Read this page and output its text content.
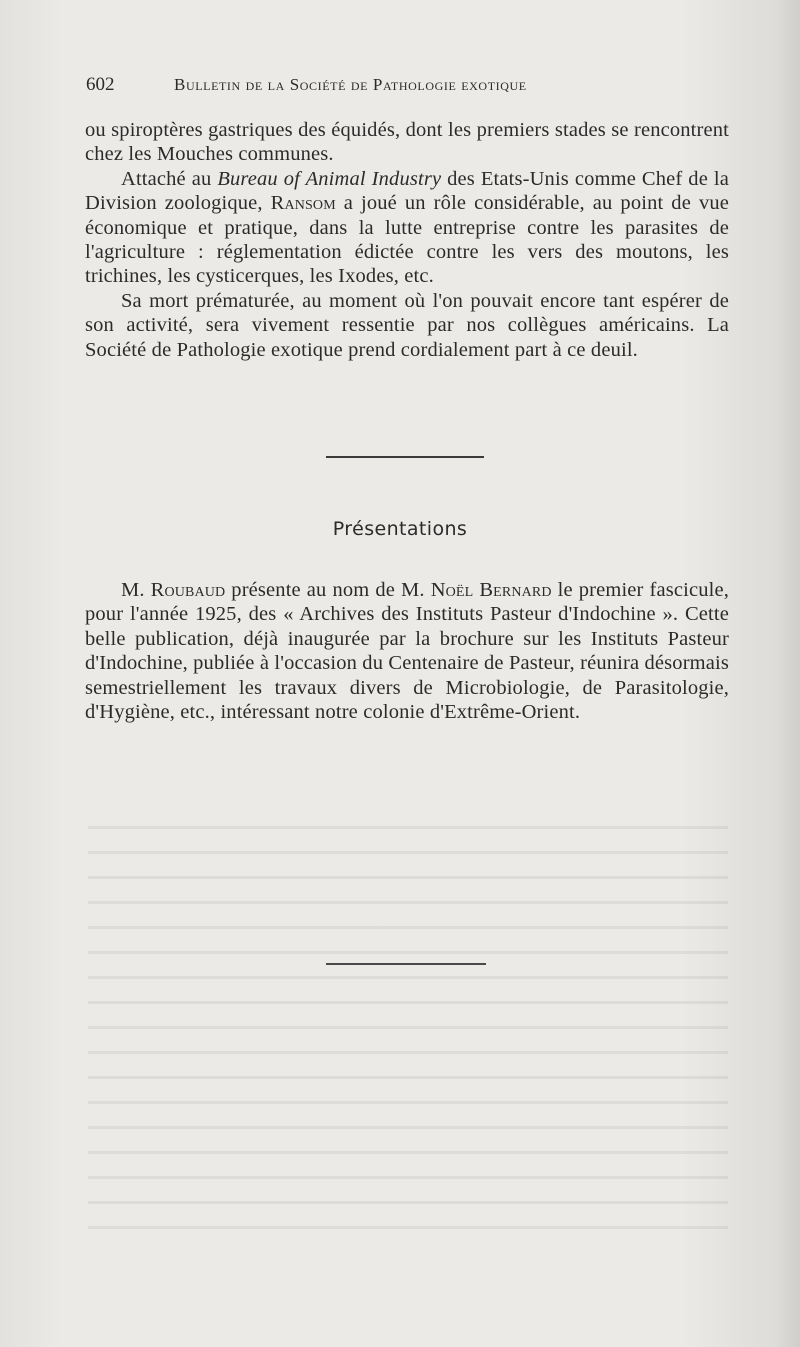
602	Bulletin de la Société de Pathologie exotique

ou spiroptères gastriques des équidés, dont les premiers stades se rencontrent chez les Mouches communes.

Attaché au Bureau of Animal Industry des Etats-Unis comme Chef de la Division zoologique, Ransom a joué un rôle considérable, au point de vue économique et pratique, dans la lutte entreprise contre les parasites de l'agriculture : réglementation édictée contre les vers des moutons, les trichines, les cysticerques, les Ixodes, etc.

Sa mort prématurée, au moment où l'on pouvait encore tant espérer de son activité, sera vivement ressentie par nos collègues américains. La Société de Pathologie exotique prend cordialement part à ce deuil.

Présentations

M. Roubaud présente au nom de M. Noël Bernard le premier fascicule, pour l'année 1925, des « Archives des Instituts Pasteur d'Indochine ». Cette belle publication, déjà inaugurée par la brochure sur les Instituts Pasteur d'Indochine, publiée à l'occasion du Centenaire de Pasteur, réunira désormais semestriellement les travaux divers de Microbiologie, de Parasitologie, d'Hygiène, etc., intéressant notre colonie d'Extrême-Orient.
